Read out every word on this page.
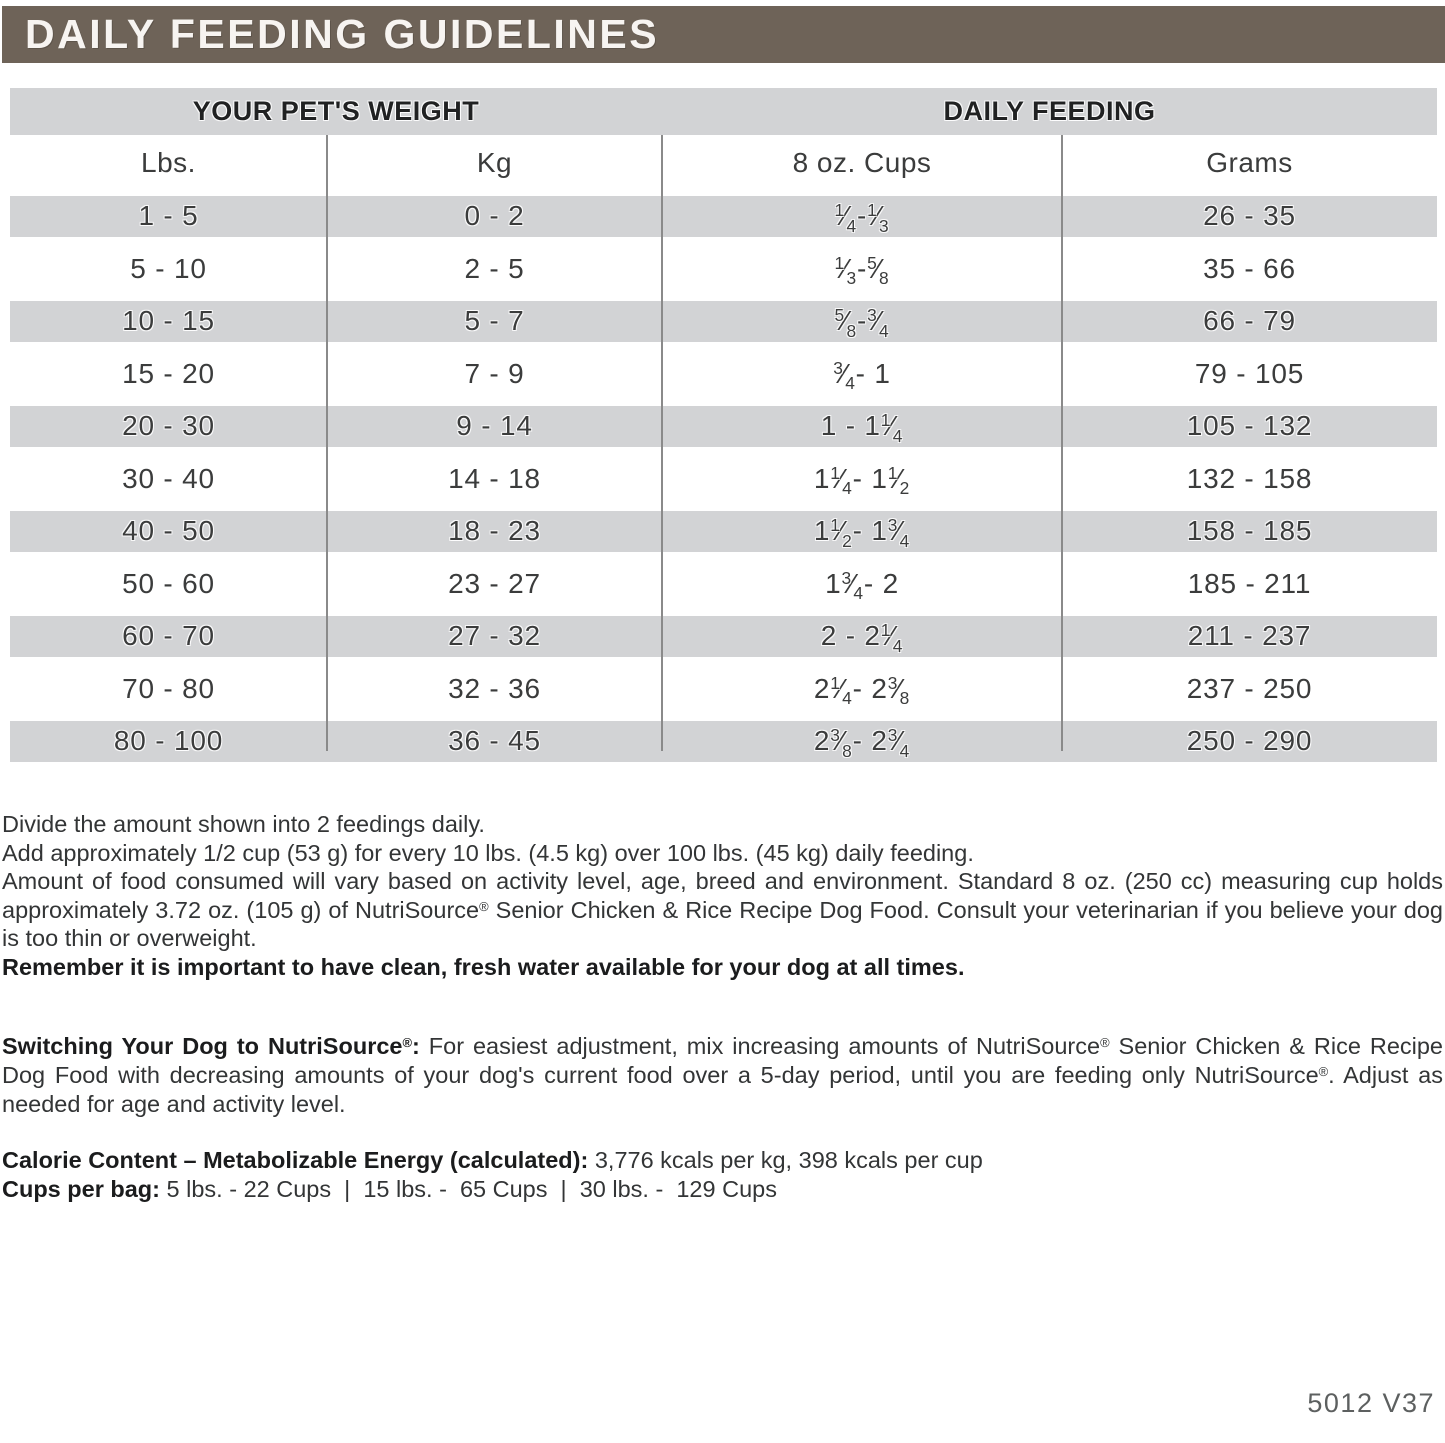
DAILY FEEDING GUIDELINES
YOUR PET'S WEIGHT	DAILY FEEDING
Lbs.	Kg	8 oz. Cups	Grams
1 - 5	0 - 2	$^1⁄_4$ - $^1⁄_3$	26 - 35
5 - 10	2 - 5	$^1⁄_3$ - $^5⁄_8$	35 - 66
10 - 15	5 - 7	$^5⁄_8$ - $^3⁄_4$	66 - 79
15 - 20	7 - 9	$^3⁄_4 - 1$	79 - 105
20 - 30	9 - 14	1 - 1 $^1⁄_4$	105 - 132
30 - 40	14 - 18	1 $^1⁄_4 - 1$ $^1⁄_2$	132 - 158
40 - 50	18 - 23	1 $^1⁄_2 - 1$ $^3⁄_4$	158 - 185
50 - 60	23 - 27	1 $^3⁄_4 - 2$	185 - 211
60 - 70	27 - 32	2 - 2 $^1⁄_4$	211 - 237
70 - 80	32 - 36	2 $^1⁄_4 - 2$ $^3⁄_8$	237 - 250
80 - 100	36 - 45	2 $^3⁄_8 - 2$ $^3⁄_4$	250 - 290

Divide the amount shown into 2 feedings daily.

Add approximately 1/2 cup (53 g) for every 10 lbs. (4.5 kg) over 100 lbs. (45 kg) daily feeding.

Amount of food consumed will vary based on activity level, age, breed and environment. Standard 8 oz. (250 cc) measuring cup holds approximately 3.72 oz. (105 g) of NutriSource® Senior Chicken & Rice Recipe Dog Food. Consult your veterinarian if you believe your dog is too thin or overweight.

Remember it is important to have clean, fresh water available for your dog at all times.

Switching Your Dog to NutriSource®: For easiest adjustment, mix increasing amounts of NutriSource® Senior Chicken & Rice Recipe Dog Food with decreasing amounts of your dog's current food over a 5-day period, until you are feeding only NutriSource®. Adjust as needed for age and activity level.

Calorie Content – Metabolizable Energy (calculated): 3,776 kcals per kg, 398 kcals per cup

Cups per bag: 5 lbs. - 22 Cups  |  15 lbs. -  65 Cups  |  30 lbs. -  129 Cups

5012 V37
